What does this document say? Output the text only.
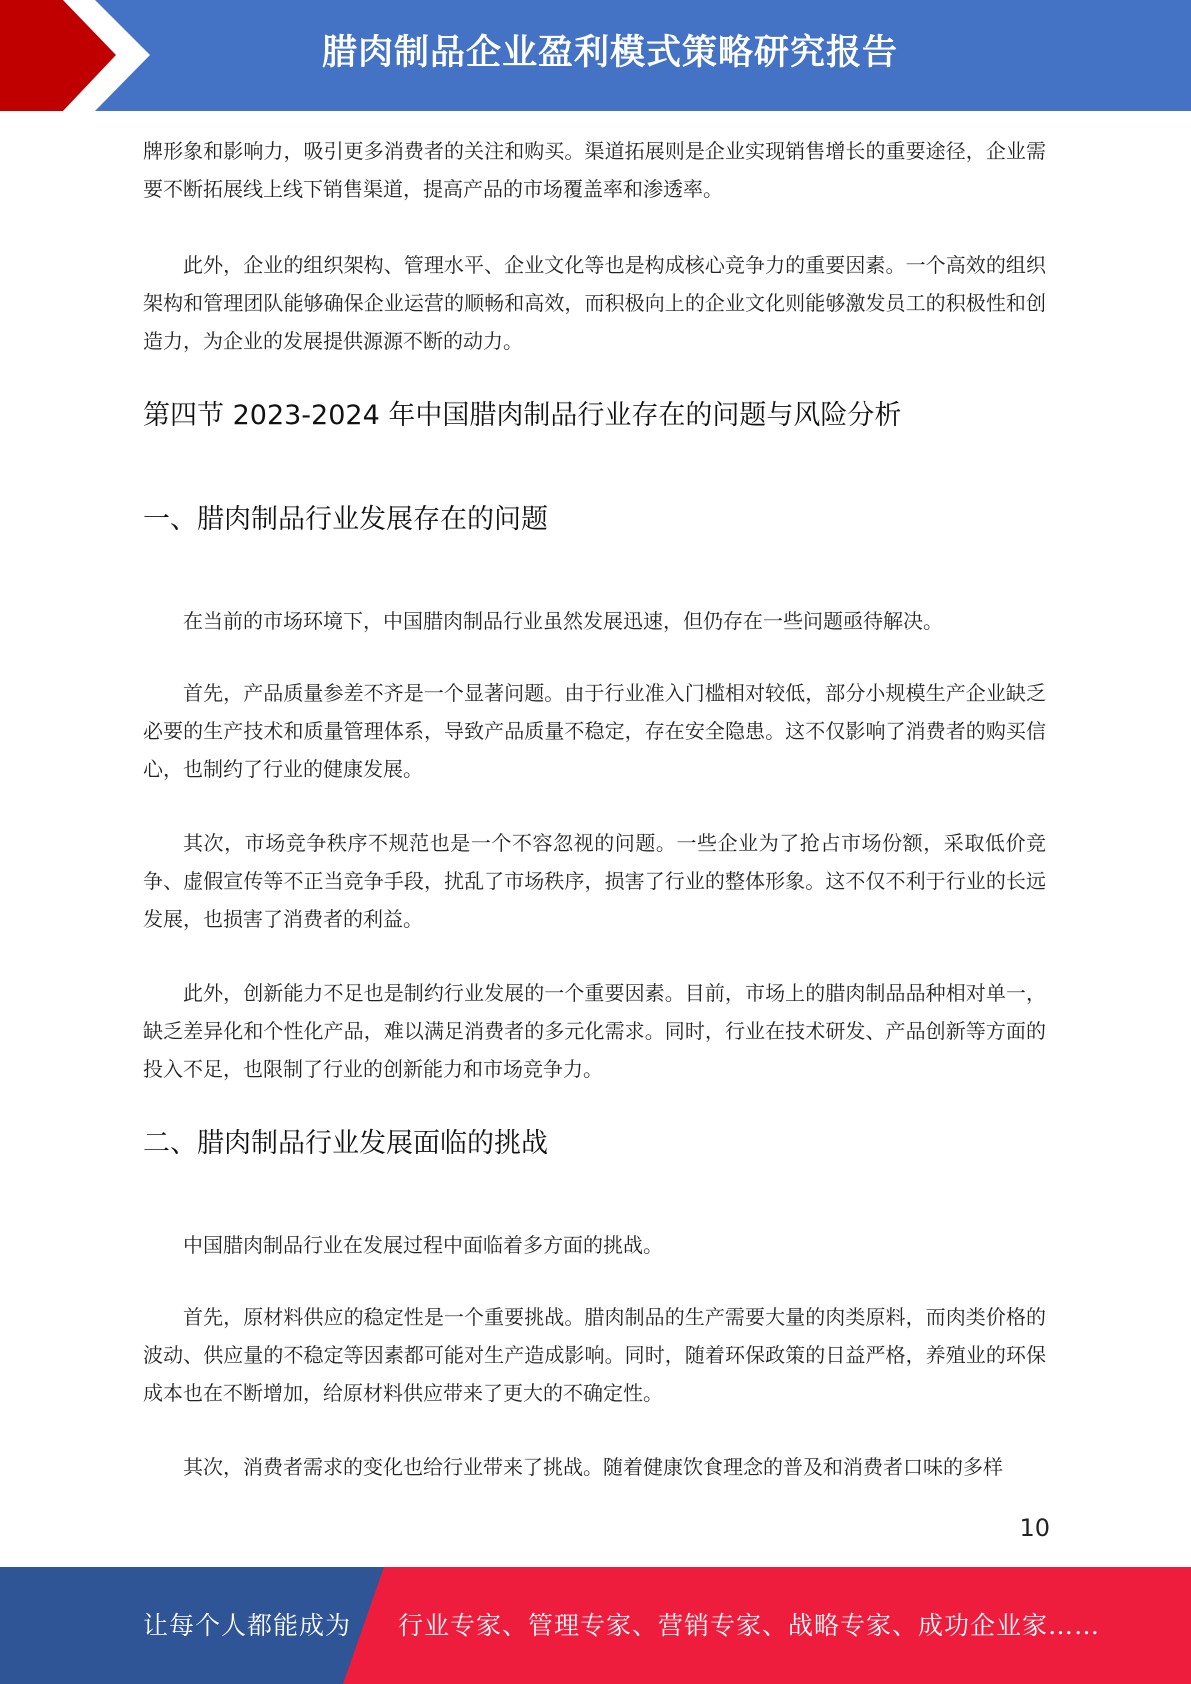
腊肉制品企业盈利模式策略研究报告

牌形象和影响力，吸引更多消费者的关注和购买。渠道拓展则是企业实现销售增长的重要途径，企业需要不断拓展线上线下销售渠道，提高产品的市场覆盖率和渗透率。

此外，企业的组织架构、管理水平、企业文化等也是构成核心竞争力的重要因素。一个高效的组织架构和管理团队能够确保企业运营的顺畅和高效，而积极向上的企业文化则能够激发员工的积极性和创造力，为企业的发展提供源源不断的动力。

第四节 2023-2024 年中国腊肉制品行业存在的问题与风险分析
一、腊肉制品行业发展存在的问题

在当前的市场环境下，中国腊肉制品行业虽然发展迅速，但仍存在一些问题亟待解决。

首先，产品质量参差不齐是一个显著问题。由于行业准入门槛相对较低，部分小规模生产企业缺乏必要的生产技术和质量管理体系，导致产品质量不稳定，存在安全隐患。这不仅影响了消费者的购买信心，也制约了行业的健康发展。

其次，市场竞争秩序不规范也是一个不容忽视的问题。一些企业为了抢占市场份额，采取低价竞争、虚假宣传等不正当竞争手段，扰乱了市场秩序，损害了行业的整体形象。这不仅不利于行业的长远发展，也损害了消费者的利益。

此外，创新能力不足也是制约行业发展的一个重要因素。目前，市场上的腊肉制品品种相对单一，缺乏差异化和个性化产品，难以满足消费者的多元化需求。同时，行业在技术研发、产品创新等方面的投入不足，也限制了行业的创新能力和市场竞争力。

二、腊肉制品行业发展面临的挑战

中国腊肉制品行业在发展过程中面临着多方面的挑战。

首先，原材料供应的稳定性是一个重要挑战。腊肉制品的生产需要大量的肉类原料，而肉类价格的波动、供应量的不稳定等因素都可能对生产造成影响。同时，随着环保政策的日益严格，养殖业的环保成本也在不断增加，给原材料供应带来了更大的不确定性。

其次，消费者需求的变化也给行业带来了挑战。随着健康饮食理念的普及和消费者口味的多样

10
让每个人都能成为 行业专家、管理专家、营销专家、战略专家、成功企业家……
